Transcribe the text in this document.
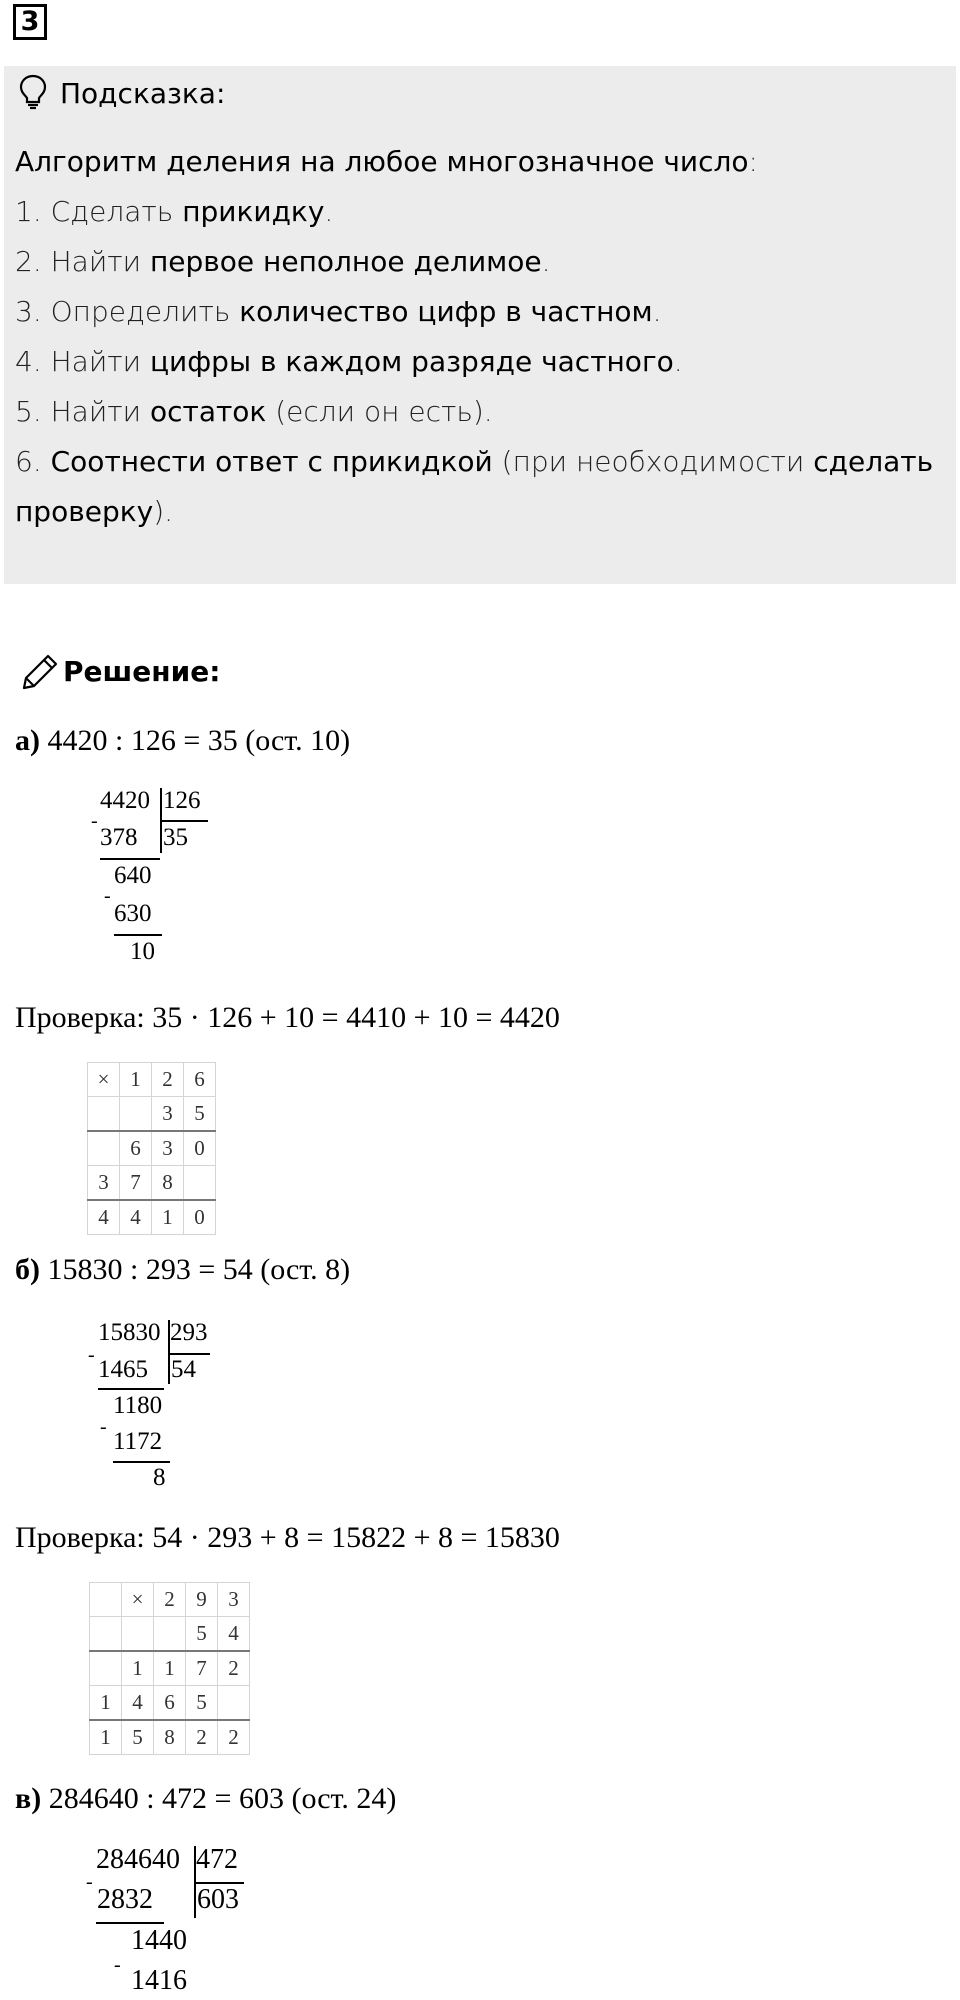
3
Подсказка:
Алгоритм деления на любое многозначное число:
1. Сделать прикидку.
2. Найти первое неполное делимое.
3. Определить количество цифр в частном.
4. Найти цифры в каждом разряде частного.
5. Найти остаток (если он есть).
6. Соотнести ответ с прикидкой (при необходимости сделать
проверку).
Решение:
а) 4420 : 126 = 35 (ост. 10)
4420 126
-
378 35
640
-
630
10
Проверка: 35 · 126 + 10 = 4410 + 10 = 4420
×	1	2	6
		3	5
	6	3	0
3	7	8	
4	4	1	0
б) 15830 : 293 = 54 (ост. 8)
15830 293
-
1465 54
1180
-
1172
8
Проверка: 54 · 293 + 8 = 15822 + 8 = 15830
	×	2	9	3
			5	4
	1	1	7	2
1	4	6	5	
1	5	8	2	2
в) 284640 : 472 = 603 (ост. 24)
284640 472
-
2832 603
1440
- 1416
